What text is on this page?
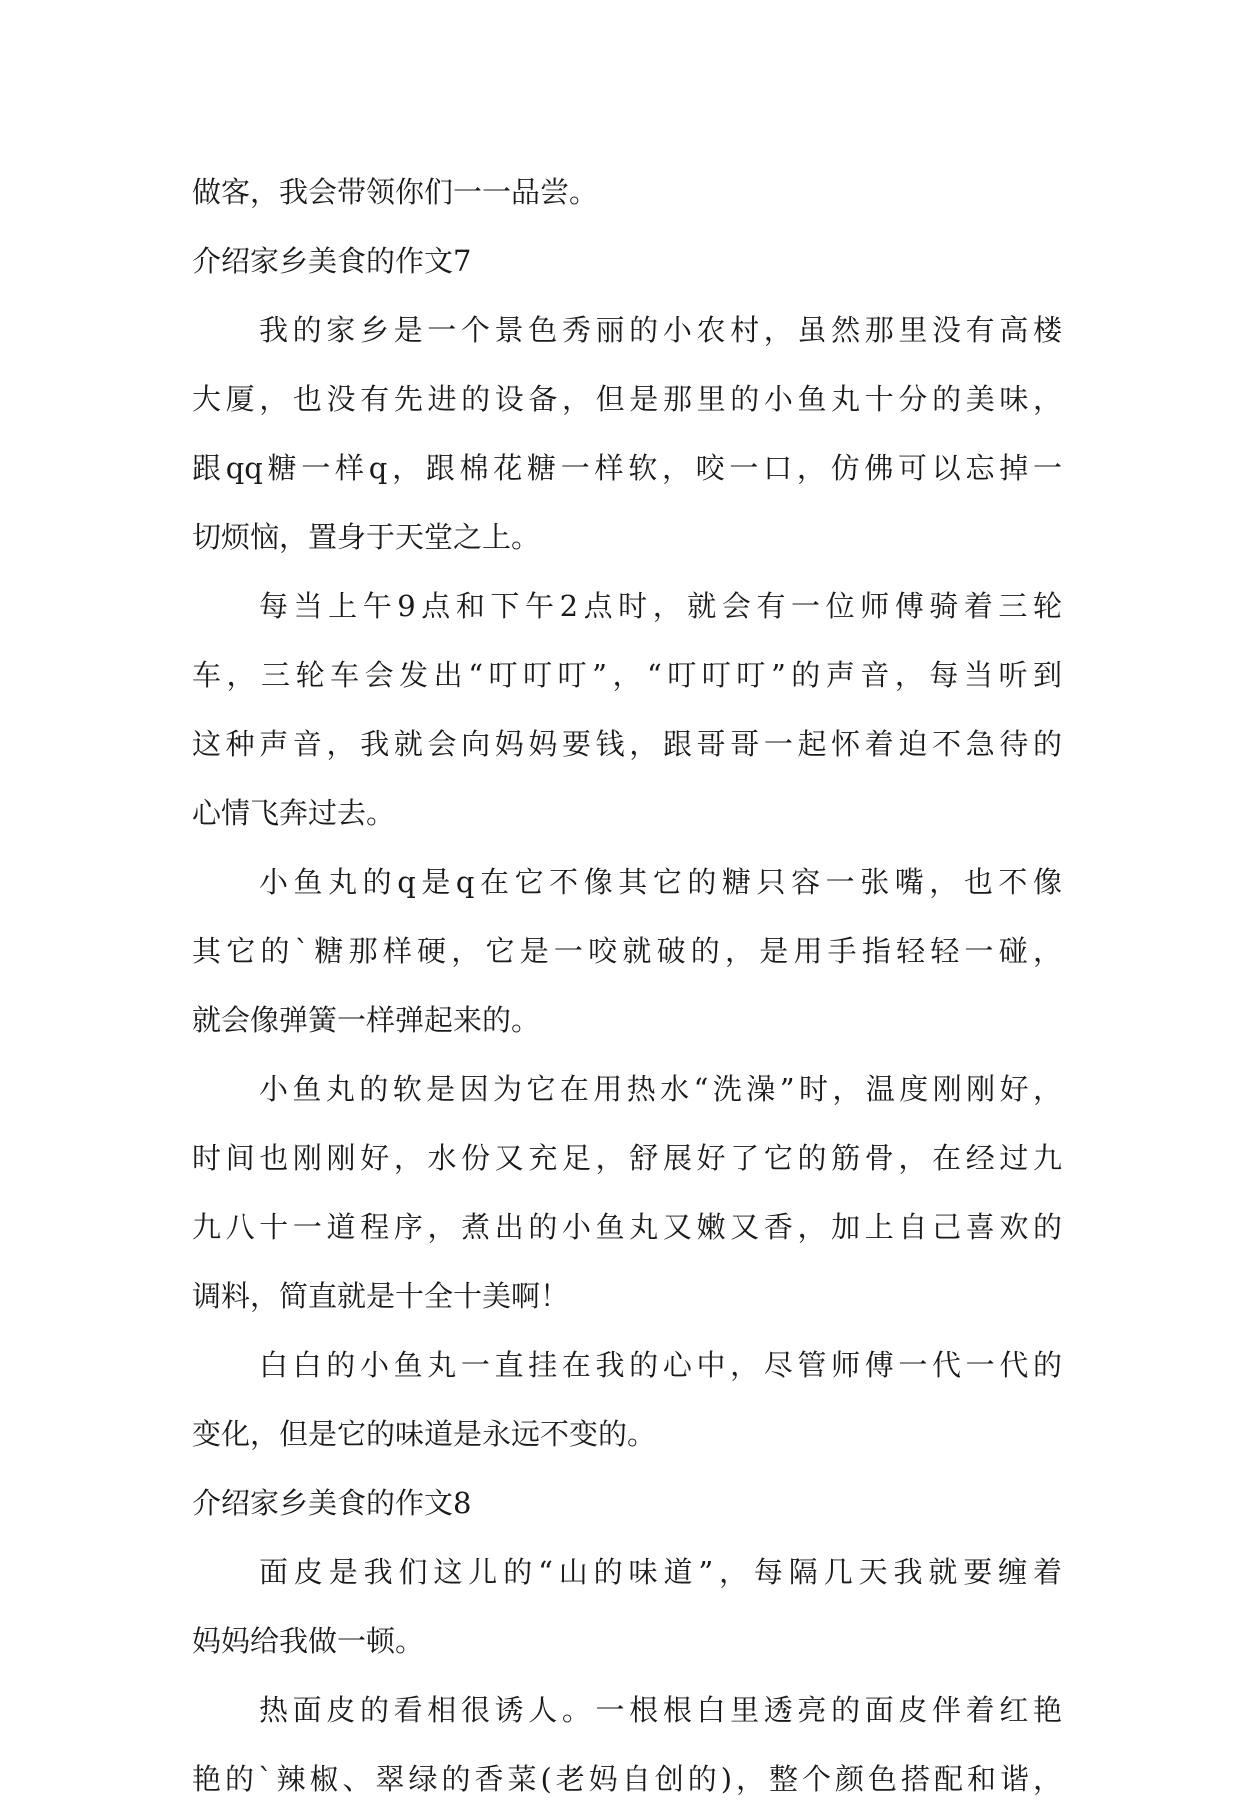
做客，我会带领你们一一品尝。
介绍家乡美食的作文7
我的家乡是一个景色秀丽的小农村，虽然那里没有高楼
大厦，也没有先进的设备，但是那里的小鱼丸十分的美味，
跟qq糖一样q，跟棉花糖一样软，咬一口，仿佛可以忘掉一
切烦恼，置身于天堂之上。
每当上午9点和下午2点时，就会有一位师傅骑着三轮
车，三轮车会发出“叮叮叮”，“叮叮叮”的声音，每当听到
这种声音，我就会向妈妈要钱，跟哥哥一起怀着迫不急待的
心情飞奔过去。
小鱼丸的q是q在它不像其它的糖只容一张嘴，也不像
其它的`糖那样硬，它是一咬就破的，是用手指轻轻一碰，
就会像弹簧一样弹起来的。
小鱼丸的软是因为它在用热水“洗澡”时，温度刚刚好，
时间也刚刚好，水份又充足，舒展好了它的筋骨，在经过九
九八十一道程序，煮出的小鱼丸又嫩又香，加上自己喜欢的
调料，简直就是十全十美啊！
白白的小鱼丸一直挂在我的心中，尽管师傅一代一代的
变化，但是它的味道是永远不变的。
介绍家乡美食的作文8
面皮是我们这儿的“山的味道”，每隔几天我就要缠着
妈妈给我做一顿。
热面皮的看相很诱人。一根根白里透亮的面皮伴着红艳
艳的`辣椒、翠绿的香菜(老妈自创的)，整个颜色搭配和谐，
